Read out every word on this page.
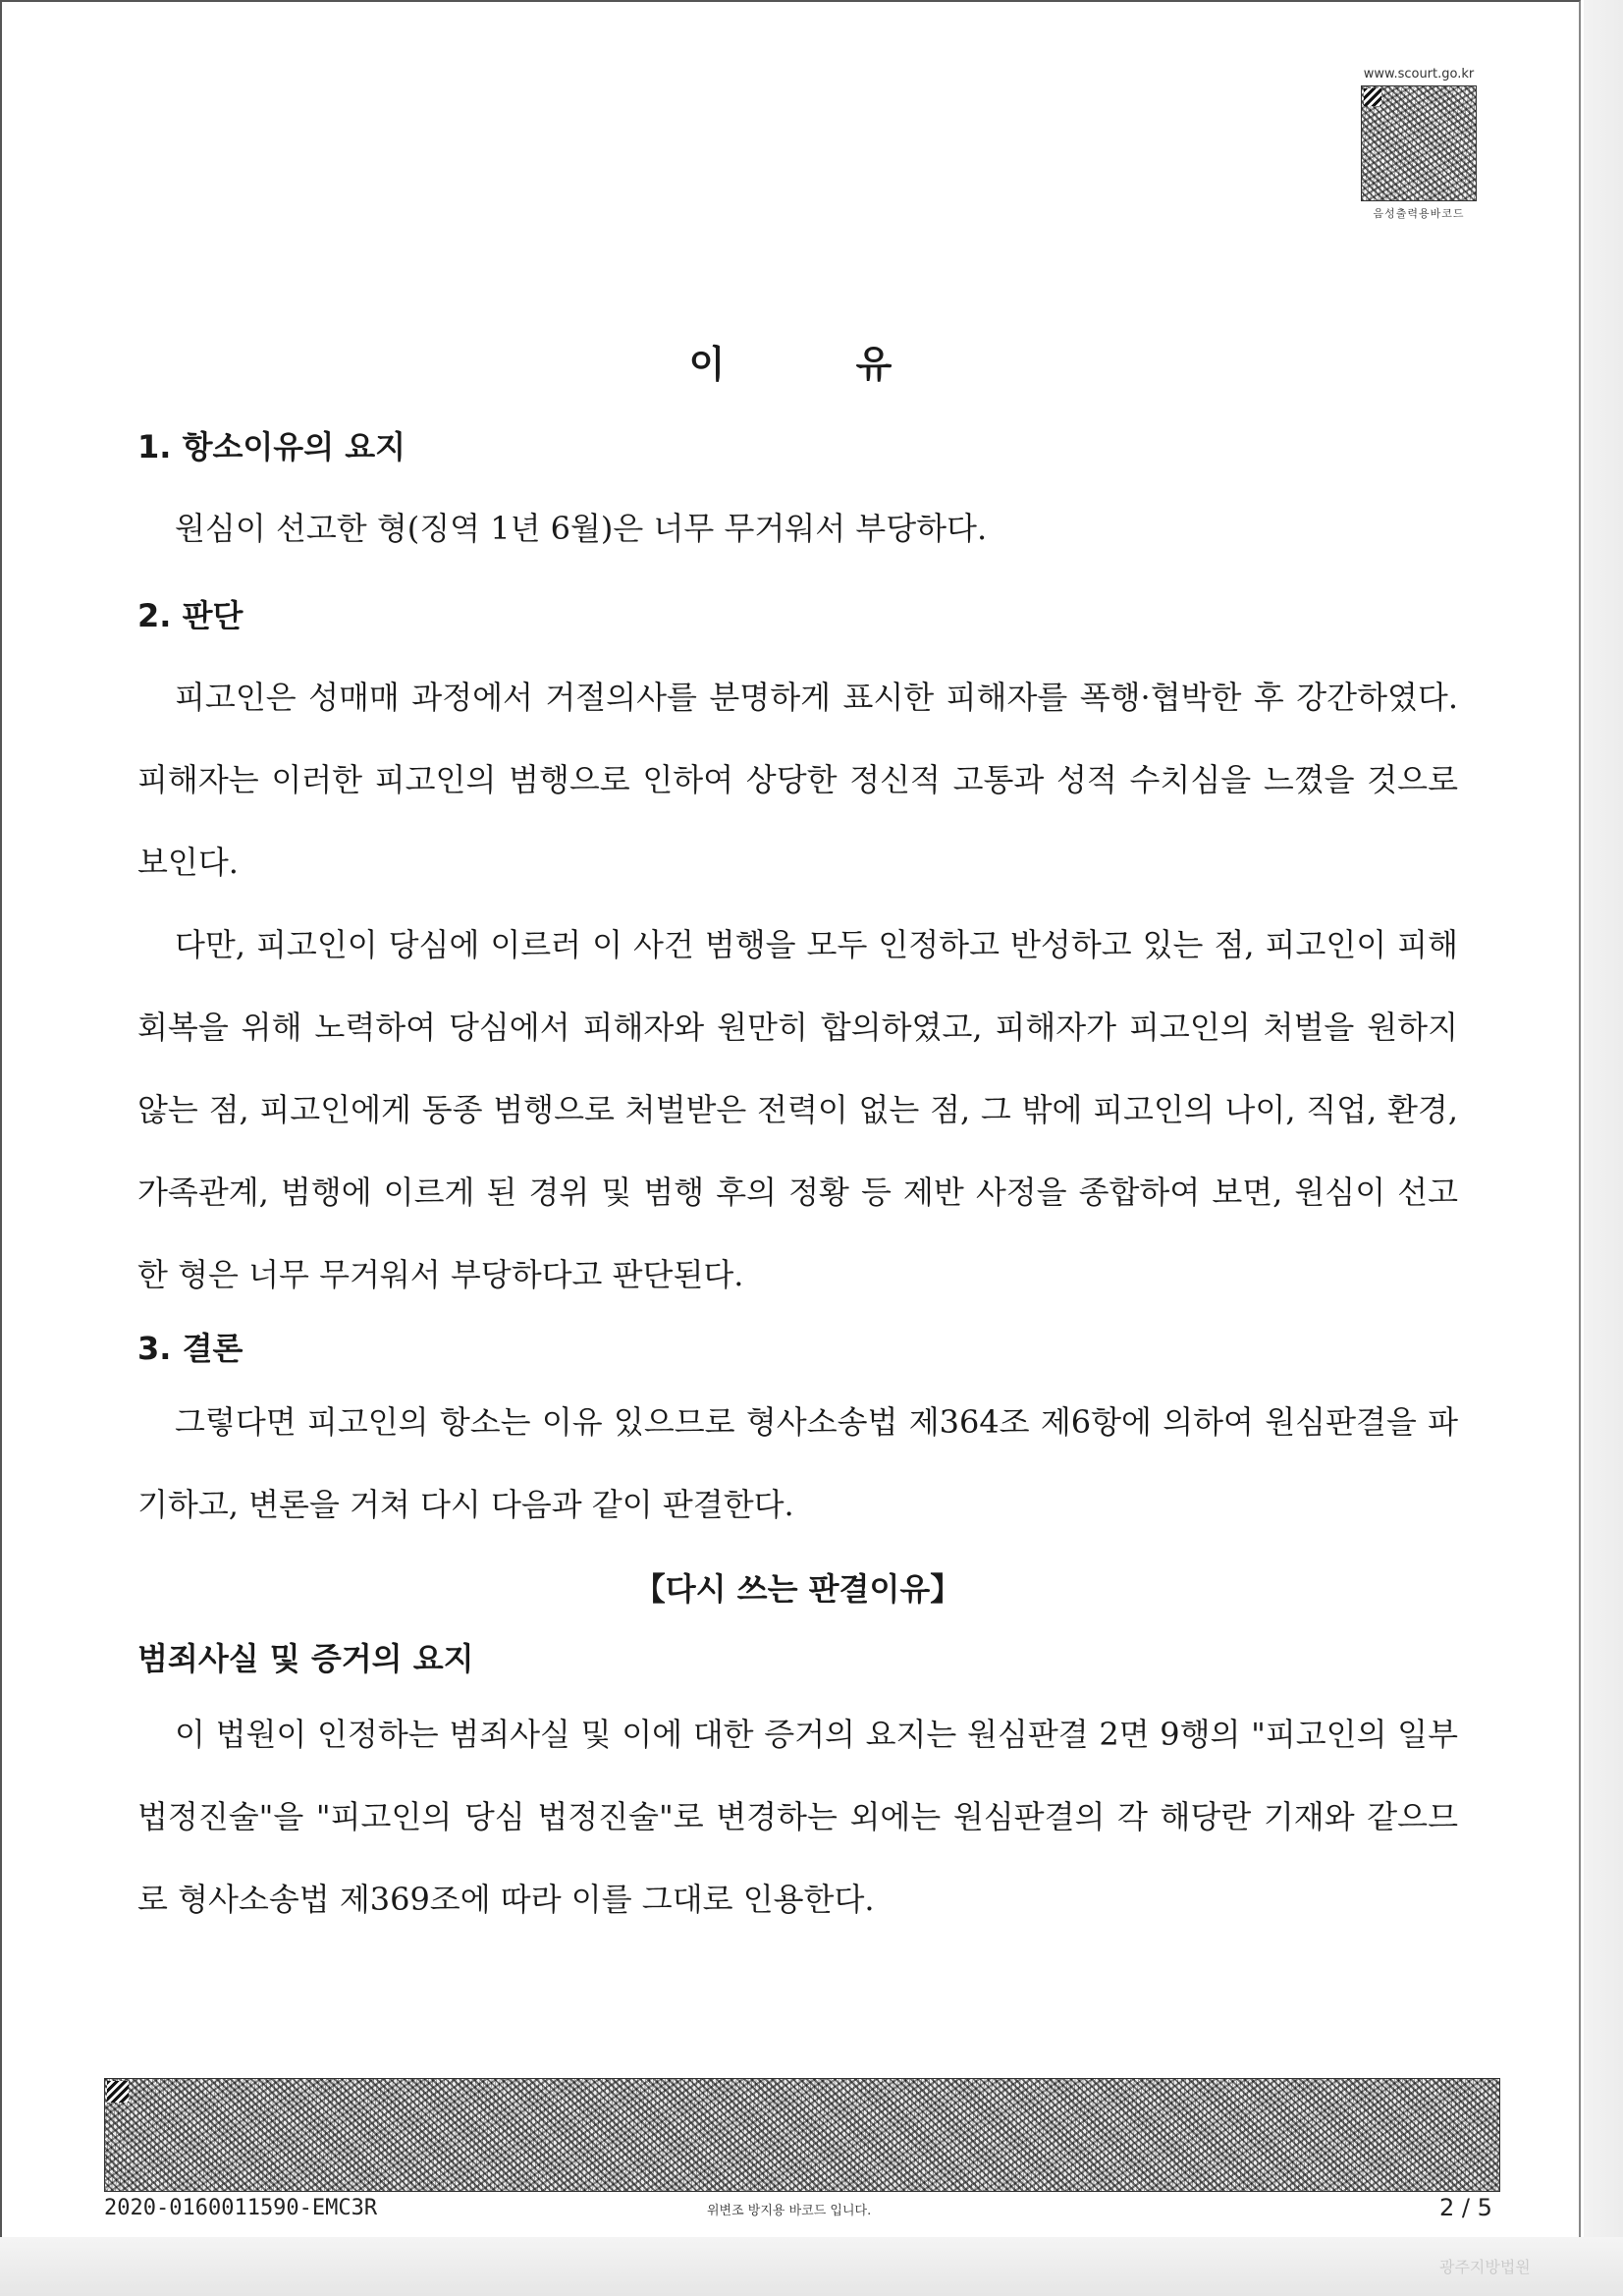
www.scourt.go.kr
음성출력용바코드
이 유

1. 항소이유의 요지

원심이 선고한 형(징역 1년 6월)은 너무 무거워서 부당하다.

2. 판단

피고인은 성매매 과정에서 거절의사를 분명하게 표시한 피해자를 폭행·협박한 후 강간하였다. 피해자는 이러한 피고인의 범행으로 인하여 상당한 정신적 고통과 성적 수치심을 느꼈을 것으로 보인다.

다만, 피고인이 당심에 이르러 이 사건 범행을 모두 인정하고 반성하고 있는 점, 피고인이 피해 회복을 위해 노력하여 당심에서 피해자와 원만히 합의하였고, 피해자가 피고인의 처벌을 원하지 않는 점, 피고인에게 동종 범행으로 처벌받은 전력이 없는 점, 그 밖에 피고인의 나이, 직업, 환경, 가족관계, 범행에 이르게 된 경위 및 범행 후의 정황 등 제반 사정을 종합하여 보면, 원심이 선고한 형은 너무 무거워서 부당하다고 판단된다.

3. 결론

그렇다면 피고인의 항소는 이유 있으므로 형사소송법 제364조 제6항에 의하여 원심판결을 파기하고, 변론을 거쳐 다시 다음과 같이 판결한다.

【다시 쓰는 판결이유】

범죄사실 및 증거의 요지

이 법원이 인정하는 범죄사실 및 이에 대한 증거의 요지는 원심판결 2면 9행의 "피고인의 일부 법정진술"을 "피고인의 당심 법정진술"로 변경하는 외에는 원심판결의 각 해당란 기재와 같으므로 형사소송법 제369조에 따라 이를 그대로 인용한다.

2020-0160011590-EMC3R	위변조 방지용 바코드 입니다.	2 / 5
광주지방법원
